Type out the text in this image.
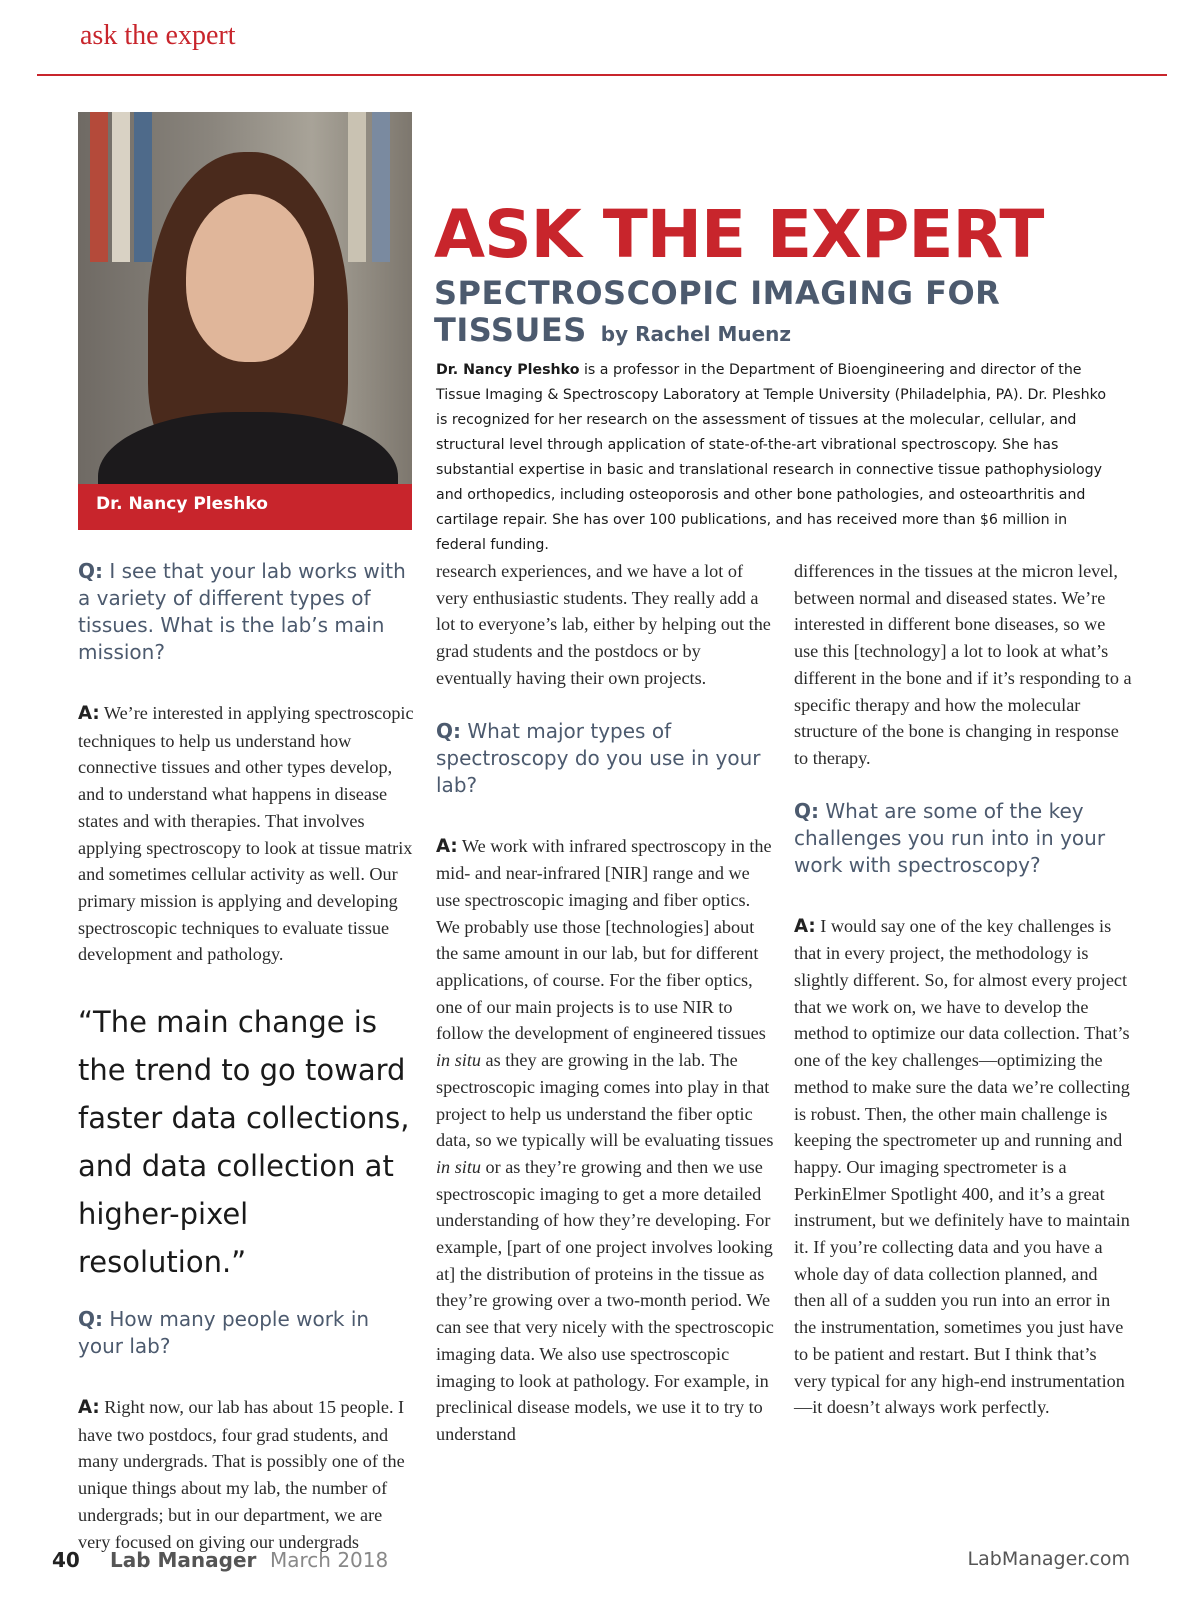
ask the expert
Dr. Nancy Pleshko
ASK THE EXPERT
SPECTROSCOPIC IMAGING FOR TISSUES by Rachel Muenz
Dr. Nancy Pleshko is a professor in the Department of Bioengineering and director of the Tissue Imaging & Spectroscopy Laboratory at Temple University (Philadelphia, PA). Dr. Pleshko is recognized for her research on the assessment of tissues at the molecular, cellular, and structural level through application of state-of-the-art vibrational spectroscopy. She has substantial expertise in basic and translational research in connective tissue pathophysiology and orthopedics, including osteoporosis and other bone pathologies, and osteoarthritis and cartilage repair. She has over 100 publications, and has received more than $6 million in federal funding.

Q: I see that your lab works with a variety of different types of tissues. What is the lab’s main mission?

A: We’re interested in applying spectroscopic techniques to help us understand how connective tissues and other types develop, and to understand what happens in disease states and with therapies. That involves applying spectroscopy to look at tissue matrix and sometimes cellular activity as well. Our primary mission is applying and developing spectroscopic techniques to evaluate tissue development and pathology.

“The main change is the trend to go toward faster data collections, and data collection at higher-pixel resolution.”

Q: How many people work in your lab?

A: Right now, our lab has about 15 people. I have two postdocs, four grad students, and many undergrads. That is possibly one of the unique things about my lab, the number of undergrads; but in our department, we are very focused on giving our undergrads

research experiences, and we have a lot of very enthusiastic students. They really add a lot to everyone’s lab, either by helping out the grad students and the postdocs or by eventually having their own projects.

Q: What major types of spectroscopy do you use in your lab?

A: We work with infrared spectroscopy in the mid- and near-infrared [NIR] range and we use spectroscopic imaging and fiber optics. We probably use those [technologies] about the same amount in our lab, but for different applications, of course. For the fiber optics, one of our main projects is to use NIR to follow the development of engineered tissues in situ as they are growing in the lab. The spectroscopic imaging comes into play in that project to help us understand the fiber optic data, so we typically will be evaluating tissues in situ or as they’re growing and then we use spectroscopic imaging to get a more detailed understanding of how they’re developing. For example, [part of one project involves looking at] the distribution of proteins in the tissue as they’re growing over a two-month period. We can see that very nicely with the spectroscopic imaging data. We also use spectroscopic imaging to look at pathology. For example, in preclinical disease models, we use it to try to understand

differences in the tissues at the micron level, between normal and diseased states. We’re interested in different bone diseases, so we use this [technology] a lot to look at what’s different in the bone and if it’s responding to a specific therapy and how the molecular structure of the bone is changing in response to therapy.

Q: What are some of the key challenges you run into in your work with spectroscopy?

A: I would say one of the key challenges is that in every project, the methodology is slightly different. So, for almost every project that we work on, we have to develop the method to optimize our data collection. That’s one of the key challenges—optimizing the method to make sure the data we’re collecting is robust. Then, the other main challenge is keeping the spectrometer up and running and happy. Our imaging spectrometer is a PerkinElmer Spotlight 400, and it’s a great instrument, but we definitely have to maintain it. If you’re collecting data and you have a whole day of data collection planned, and then all of a sudden you run into an error in the instrumentation, sometimes you just have to be patient and restart. But I think that’s very typical for any high-end instrumentation—it doesn’t always work perfectly.

40 Lab Manager March 2018	LabManager.com
